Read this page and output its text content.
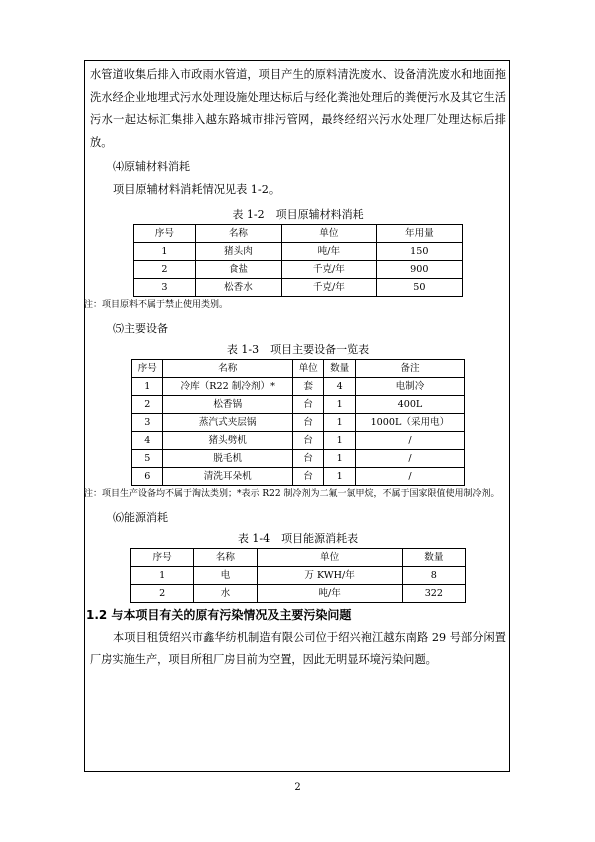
水管道收集后排入市政雨水管道，项目产生的原料清洗废水、设备清洗废水和地面拖洗水经企业地埋式污水处理设施处理达标后与经化粪池处理后的粪便污水及其它生活污水一起达标汇集排入越东路城市排污管网，最终经绍兴污水处理厂处理达标后排放。

⑷原辅材料消耗

项目原辅材料消耗情况见表 1-2。

表 1-2　项目原辅材料消耗

序号	名称	单位	年用量
1	猪头肉	吨/年	150
2	食盐	千克/年	900
3	松香水	千克/年	50

注：项目原料不属于禁止使用类别。

⑸主要设备

表 1-3　项目主要设备一览表

序号	名称	单位	数量	备注
1	冷库（R22 制冷剂）*	套	4	电制冷
2	松香锅	台	1	400L
3	蒸汽式夹层锅	台	1	1000L（采用电）
4	猪头劈机	台	1	/
5	脱毛机	台	1	/
6	清洗耳朵机	台	1	/

注：项目生产设备均不属于淘汰类别；*表示 R22 制冷剂为二氟一氯甲烷，不属于国家限值使用制冷剂。

⑹能源消耗

表 1-4　项目能源消耗表

序号	名称	单位	数量
1	电	万 KWH/年	8
2	水	吨/年	322

1.2 与本项目有关的原有污染情况及主要污染问题

本项目租赁绍兴市鑫华纺机制造有限公司位于绍兴袍江越东南路 29 号部分闲置厂房实施生产，项目所租厂房目前为空置，因此无明显环境污染问题。

2
